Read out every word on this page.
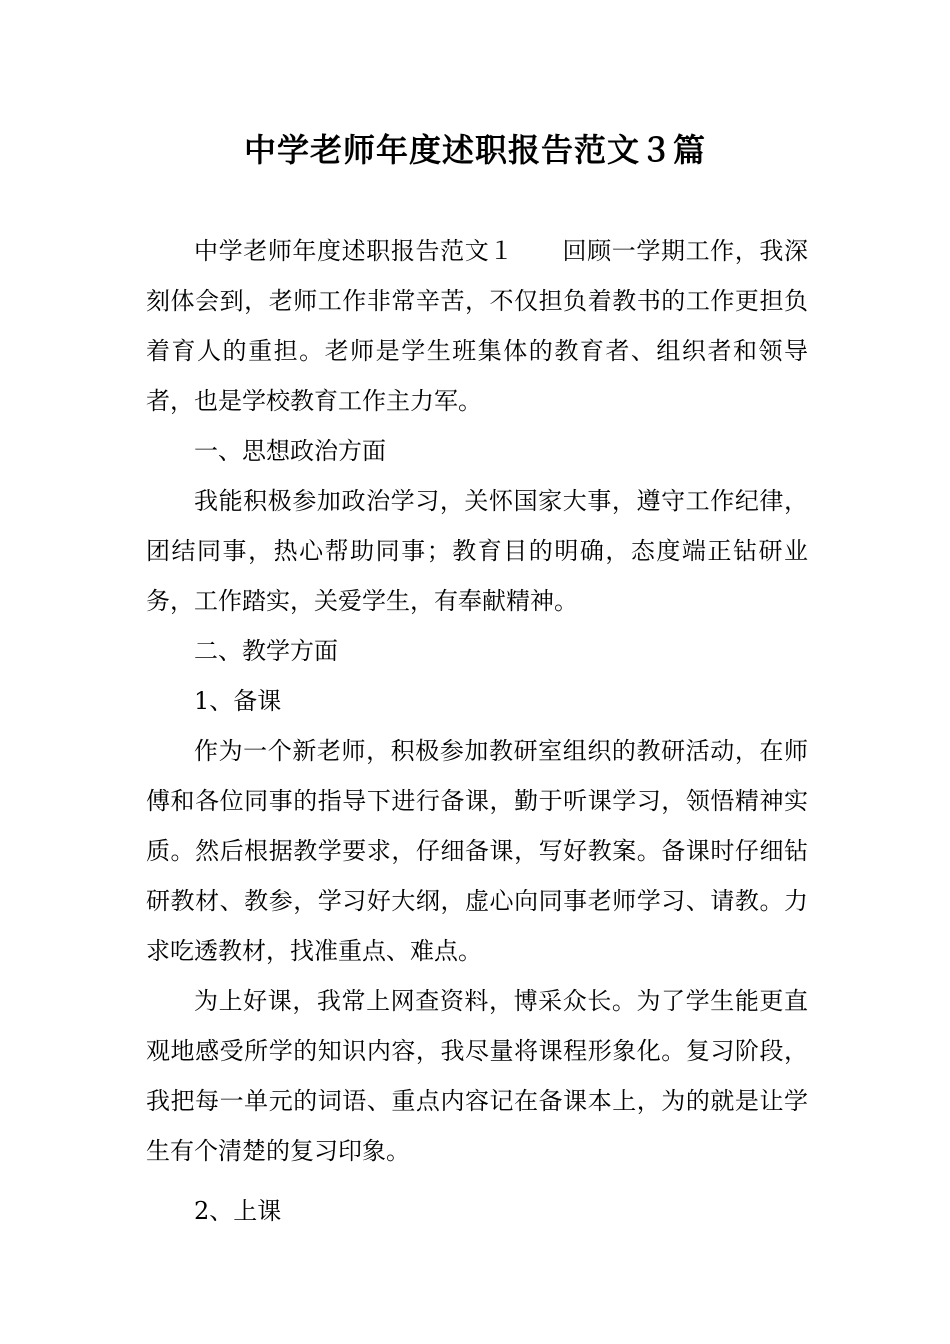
中学老师年度述职报告范文３篇

中学老师年度述职报告范文１ 回顾一学期工作，我深刻体会到，老师工作非常辛苦，不仅担负着教书的工作更担负着育人的重担。老师是学生班集体的教育者、组织者和领导者，也是学校教育工作主力军。

一、思想政治方面

我能积极参加政治学习，关怀国家大事，遵守工作纪律，团结同事，热心帮助同事；教育目的明确，态度端正钻研业务，工作踏实，关爱学生，有奉献精神。

二、教学方面

1、备课

作为一个新老师，积极参加教研室组织的教研活动，在师傅和各位同事的指导下进行备课，勤于听课学习，领悟精神实质。然后根据教学要求，仔细备课，写好教案。备课时仔细钻研教材、教参，学习好大纲，虚心向同事老师学习、请教。力求吃透教材，找准重点、难点。

为上好课，我常上网查资料，博采众长。为了学生能更直观地感受所学的知识内容，我尽量将课程形象化。复习阶段，我把每一单元的词语、重点内容记在备课本上，为的就是让学生有个清楚的复习印象。

2、上课
